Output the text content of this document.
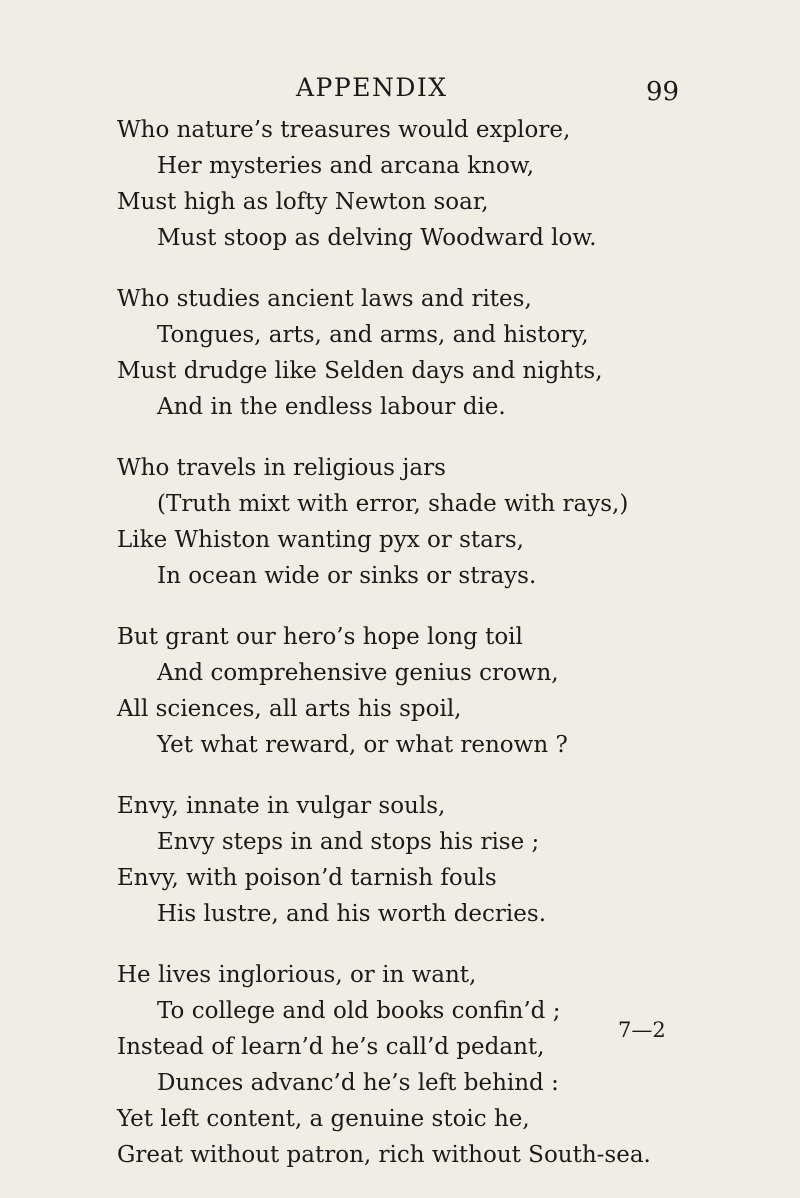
APPENDIX	99
Who nature’s treasures would explore,
Her mysteries and arcana know,
Must high as lofty Newton soar,
Must stoop as delving Woodward low.
Who studies ancient laws and rites,
Tongues, arts, and arms, and history,
Must drudge like Selden days and nights,
And in the endless labour die.
Who travels in religious jars
(Truth mixt with error, shade with rays,)
Like Whiston wanting pyx or stars,
In ocean wide or sinks or strays.
But grant our hero’s hope long toil
And comprehensive genius crown,
All sciences, all arts his spoil,
Yet what reward, or what renown ?
Envy, innate in vulgar souls,
Envy steps in and stops his rise ;
Envy, with poison’d tarnish fouls
His lustre, and his worth decries.
He lives inglorious, or in want,
To college and old books confin’d ;
Instead of learn’d he’s call’d pedant,
Dunces advanc’d he’s left behind :
Yet left content, a genuine stoic he,
Great without patron, rich without South-sea.
7—2
